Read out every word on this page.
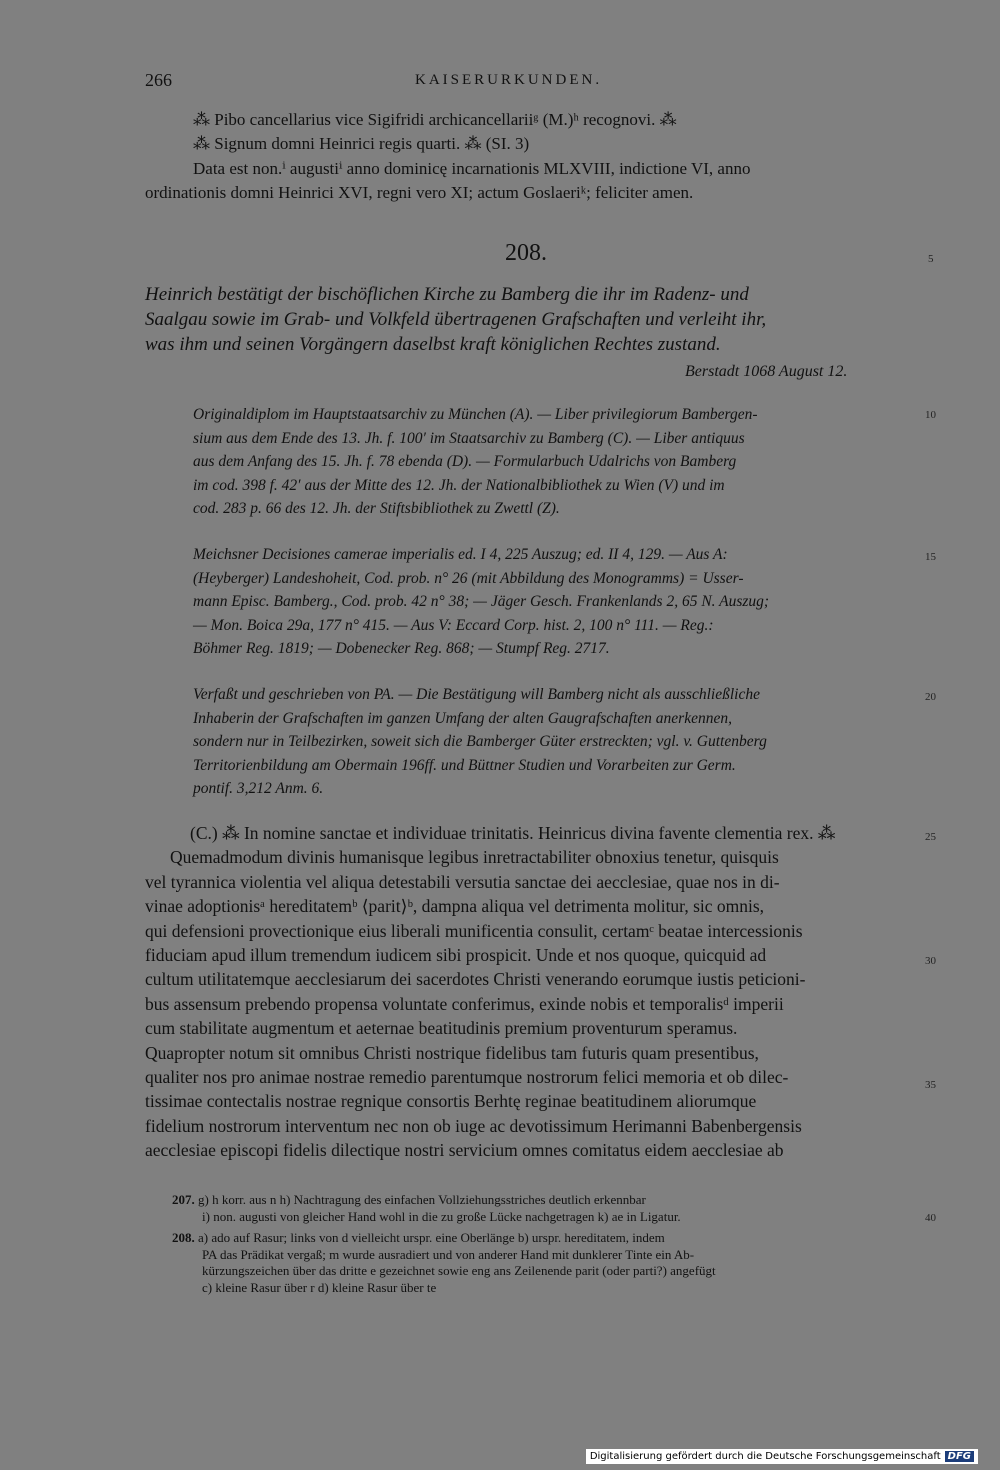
266	KAISERURKUNDEN.
⁂ Pibo cancellarius vice Sigifridi archicancellariiᵍ (M.)ʰ recognovi. ⁂
⁂ Signum domni Heinrici regis quarti. ⁂ (SI. 3)
Data est non.ⁱ augustiⁱ anno dominicę incarnationis MLXVIII, indictione VI, anno
ordinationis domni Heinrici XVI, regni vero XI; actum Goslaeriᵏ; feliciter amen.
208.
Heinrich bestätigt der bischöflichen Kirche zu Bamberg die ihr im Radenz- und
Saalgau sowie im Grab- und Volkfeld übertragenen Grafschaften und verleiht ihr,
was ihm und seinen Vorgängern daselbst kraft königlichen Rechtes zustand.
Berstadt 1068 August 12.
Originaldiplom im Hauptstaatsarchiv zu München (A). — Liber privilegiorum Bambergen-
sium aus dem Ende des 13. Jh. f. 100′ im Staatsarchiv zu Bamberg (C). — Liber antiquus
aus dem Anfang des 15. Jh. f. 78 ebenda (D). — Formularbuch Udalrichs von Bamberg
im cod. 398 f. 42′ aus der Mitte des 12. Jh. der Nationalbibliothek zu Wien (V) und im
cod. 283 p. 66 des 12. Jh. der Stiftsbibliothek zu Zwettl (Z).
Meichsner Decisiones camerae imperialis ed. I 4, 225 Auszug; ed. II 4, 129. — Aus A:
(Heyberger) Landeshoheit, Cod. prob. n° 26 (mit Abbildung des Monogramms) = Usser-
mann Episc. Bamberg., Cod. prob. 42 n° 38; — Jäger Gesch. Frankenlands 2, 65 N. Auszug;
— Mon. Boica 29a, 177 n° 415. — Aus V: Eccard Corp. hist. 2, 100 n° 111. — Reg.:
Böhmer Reg. 1819; — Dobenecker Reg. 868; — Stumpf Reg. 2717.
Verfaßt und geschrieben von PA. — Die Bestätigung will Bamberg nicht als ausschließliche
Inhaberin der Grafschaften im ganzen Umfang der alten Gaugrafschaften anerkennen,
sondern nur in Teilbezirken, soweit sich die Bamberger Güter erstreckten; vgl. v. Guttenberg
Territorienbildung am Obermain 196ff. und Büttner Studien und Vorarbeiten zur Germ.
pontif. 3,212 Anm. 6.
(C.) ⁂ In nomine sanctae et individuae trinitatis. Heinricus divina favente clementia rex. ⁂
Quemadmodum divinis humanisque legibus inretractabiliter obnoxius tenetur, quisquis
vel tyrannica violentia vel aliqua detestabili versutia sanctae dei aecclesiae, quae nos in di-
vinae adoptionisᵃ hereditatemᵇ ⟨parit⟩ᵇ, dampna aliqua vel detrimenta molitur, sic omnis,
qui defensioni provectionique eius liberali munificentia consulit, certamᶜ beatae intercessionis
fiduciam apud illum tremendum iudicem sibi prospicit. Unde et nos quoque, quicquid ad
cultum utilitatemque aecclesiarum dei sacerdotes Christi venerando eorumque iustis peticioni-
bus assensum prebendo propensa voluntate conferimus, exinde nobis et temporalisᵈ imperii
cum stabilitate augmentum et aeternae beatitudinis premium proventurum speramus.
Quapropter notum sit omnibus Christi nostrique fidelibus tam futuris quam presentibus,
qualiter nos pro animae nostrae remedio parentumque nostrorum felici memoria et ob dilec-
tissimae contectalis nostrae regnique consortis Berhtę reginae beatitudinem aliorumque
fidelium nostrorum interventum nec non ob iuge ac devotissimum Herimanni Babenbergensis
aecclesiae episcopi fidelis dilectique nostri servicium omnes comitatus eidem aecclesiae ab
207. g) h korr. aus n h) Nachtragung des einfachen Vollziehungsstriches deutlich erkennbar
i) non. augusti von gleicher Hand wohl in die zu große Lücke nachgetragen k) ae in Ligatur.
208. a) ado auf Rasur; links von d vielleicht urspr. eine Oberlänge b) urspr. hereditatem, indem
PA das Prädikat vergaß; m wurde ausradiert und von anderer Hand mit dunklerer Tinte ein Ab-
kürzungszeichen über das dritte e gezeichnet sowie eng ans Zeilenende parit (oder parti?) angefügt
c) kleine Rasur über r d) kleine Rasur über te
5
10
15
20
25
30
35
40
Digitalisierung gefördert durch die Deutsche Forschungsgemeinschaft DFG
